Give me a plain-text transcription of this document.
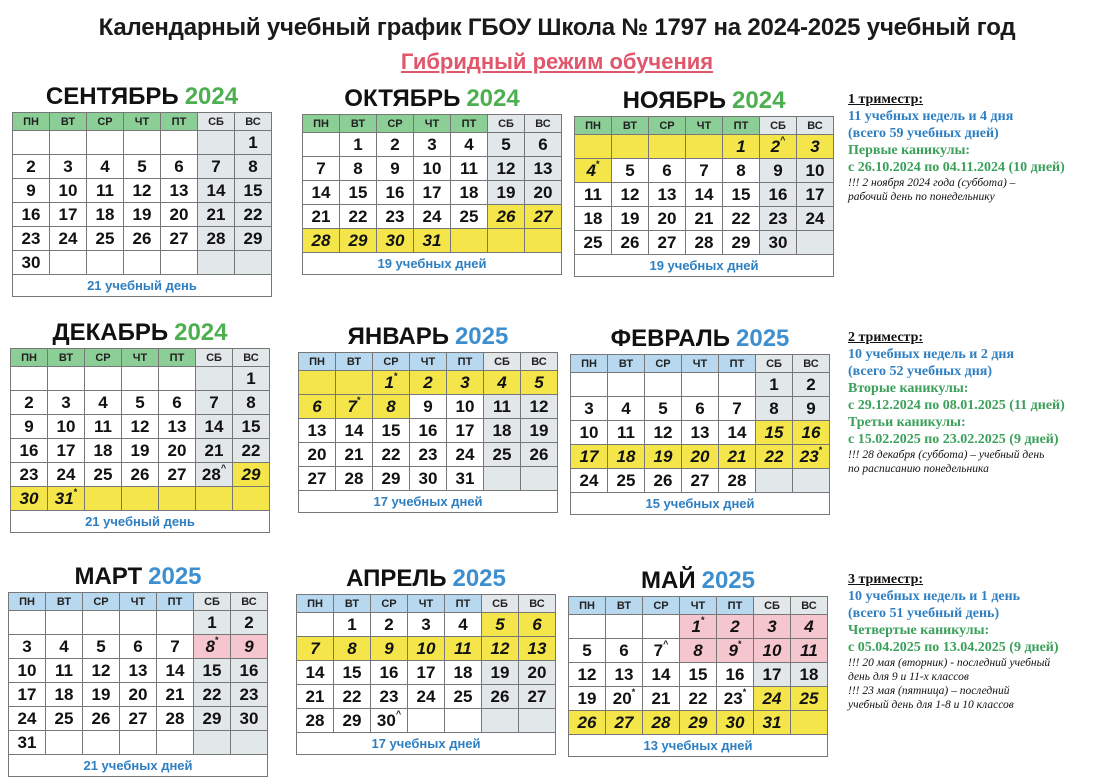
Календарный учебный график ГБОУ Школа № 1797 на 2024-2025 учебный год
Гибридный режим обучения
СЕНТЯБРЬ 2024
ПН	ВТ	СР	ЧТ	ПТ	СБ	ВС
						1
2	3	4	5	6	7	8
9	10	11	12	13	14	15
16	17	18	19	20	21	22
23	24	25	26	27	28	29
30						
21 учебный день						
ОКТЯБРЬ 2024
ПН	ВТ	СР	ЧТ	ПТ	СБ	ВС
	1	2	3	4	5	6
7	8	9	10	11	12	13
14	15	16	17	18	19	20
21	22	23	24	25	26	27
28	29	30	31			
19 учебных дней						
НОЯБРЬ 2024
ПН	ВТ	СР	ЧТ	ПТ	СБ	ВС
				1	2^	3
4*	5	6	7	8	9	10
11	12	13	14	15	16	17
18	19	20	21	22	23	24
25	26	27	28	29	30	
19 учебных дней						
ДЕКАБРЬ 2024
ПН	ВТ	СР	ЧТ	ПТ	СБ	ВС
						1
2	3	4	5	6	7	8
9	10	11	12	13	14	15
16	17	18	19	20	21	22
23	24	25	26	27	28^	29
30	31*					
21 учебный день						
ЯНВАРЬ 2025
ПН	ВТ	СР	ЧТ	ПТ	СБ	ВС
		1*	2	3	4	5
6	7*	8	9	10	11	12
13	14	15	16	17	18	19
20	21	22	23	24	25	26
27	28	29	30	31		
17 учебных дней						
ФЕВРАЛЬ 2025
ПН	ВТ	СР	ЧТ	ПТ	СБ	ВС
					1	2
3	4	5	6	7	8	9
10	11	12	13	14	15	16
17	18	19	20	21	22	23*
24	25	26	27	28		
15 учебных дней						
МАРТ 2025
ПН	ВТ	СР	ЧТ	ПТ	СБ	ВС
					1	2
3	4	5	6	7	8*	9
10	11	12	13	14	15	16
17	18	19	20	21	22	23
24	25	26	27	28	29	30
31						
21 учебных дней						
АПРЕЛЬ 2025
ПН	ВТ	СР	ЧТ	ПТ	СБ	ВС
	1	2	3	4	5	6
7	8	9	10	11	12	13
14	15	16	17	18	19	20
21	22	23	24	25	26	27
28	29	30^				
17 учебных дней						
МАЙ 2025
ПН	ВТ	СР	ЧТ	ПТ	СБ	ВС
			1*	2	3	4
5	6	7^	8	9*	10	11
12	13	14	15	16	17	18
19	20*	21	22	23*	24	25
26	27	28	29	30	31	
13 учебных дней						
1 триместр:
11 учебных недель и 4 дня
(всего 59 учебных дней)
Первые каникулы:
с 26.10.2024 по 04.11.2024 (10 дней)
!!! 2 ноября 2024 года (суббота) –
рабочий день по понедельнику
2 триместр:
10 учебных недель и 2 дня
(всего 52 учебных дня)
Вторые каникулы:
с 29.12.2024 по 08.01.2025 (11 дней)
Третьи каникулы:
с 15.02.2025 по 23.02.2025 (9 дней)
!!! 28 декабря (суббота) – учебный день
по расписанию понедельника
3 триместр:
10 учебных недель и 1 день
(всего 51 учебный день)
Четвертые каникулы:
с 05.04.2025 по 13.04.2025 (9 дней)
!!! 20 мая (вторник) - последний учебный
день для 9 и 11-х классов
!!! 23 мая (пятница) – последний
учебный день для 1-8 и 10 классов
